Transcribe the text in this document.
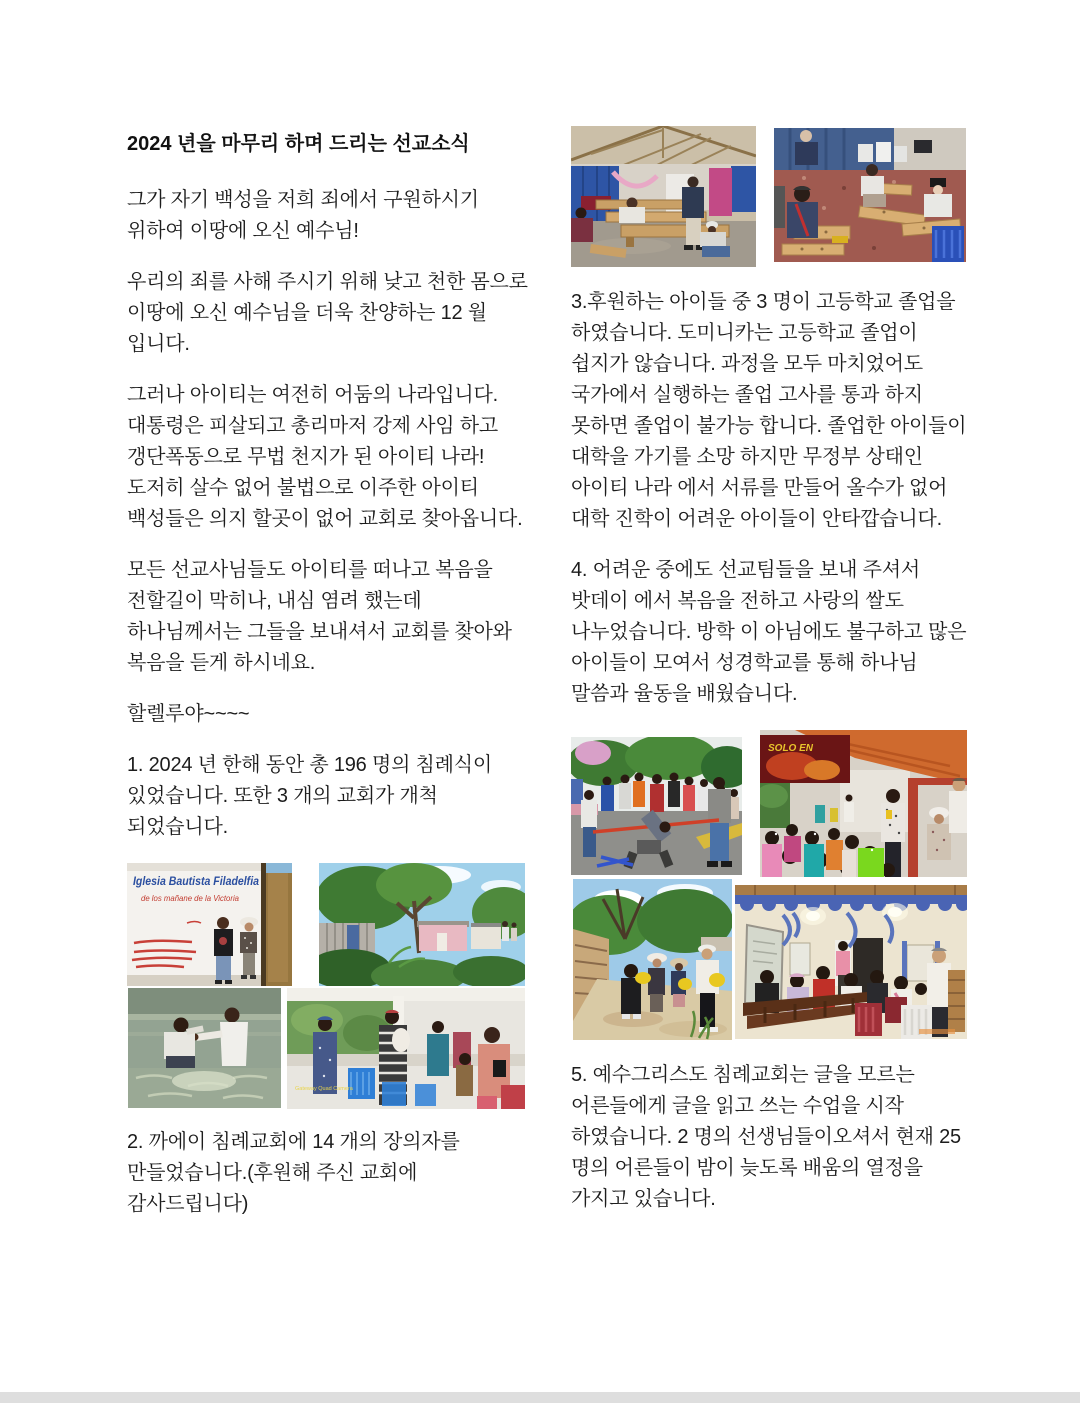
2024 년을 마무리 하며 드리는 선교소식

그가 자기 백성을 저희 죄에서 구원하시기 위하여 이땅에 오신 예수님!

우리의 죄를 사해 주시기 위해 낮고 천한 몸으로 이땅에 오신 예수님을 더욱 찬양하는 12 월 입니다.

그러나 아이티는 여전히 어둠의 나라입니다. 대통령은 피살되고 총리마저 강제 사임 하고 갱단폭동으로 무법 천지가 된 아이티 나라! 도저히 살수 없어 불법으로 이주한 아이티 백성들은 의지 할곳이 없어 교회로 찾아옵니다.

모든 선교사님들도 아이티를 떠나고 복음을 전할길이 막히나, 내심 염려 했는데 하나님께서는 그들을 보내셔서 교회를 찾아와 복음을 듣게 하시네요.

할렐루야~~~~

1. 2024 년 한해 동안 총 196 명의 침례식이 있었습니다. 또한 3 개의 교회가 개척 되었습니다.

Iglesia Bautista Filadelfia
de los mañane de la Victoria
Gateway Quad Camera

2. 까에이 침례교회에 14 개의 장의자를 만들었습니다.(후원해 주신 교회에 감사드립니다)

3.후원하는 아이들 중 3 명이 고등학교 졸업을 하였습니다. 도미니카는 고등학교 졸업이 쉽지가 않습니다. 과정을 모두 마치었어도 국가에서 실행하는 졸업 고사를 통과 하지 못하면 졸업이 불가능 합니다. 졸업한 아이들이 대학을 가기를 소망 하지만 무정부 상태인 아이티 나라 에서 서류를 만들어 올수가 없어 대학 진학이 어려운 아이들이 안타깝습니다.

4. 어려운 중에도 선교팀들을 보내 주셔서 밧데이 에서 복음을 전하고 사랑의 쌀도 나누었습니다. 방학 이 아님에도 불구하고 많은 아이들이 모여서 성경학교를 통해 하나님 말씀과 율동을 배웠습니다.

SOLO EN

5. 예수그리스도 침례교회는 글을 모르는 어른들에게 글을 읽고 쓰는 수업을 시작 하였습니다. 2 명의 선생님들이오셔서 현재 25 명의 어른들이 밤이 늦도록 배움의 열정을 가지고 있습니다.
